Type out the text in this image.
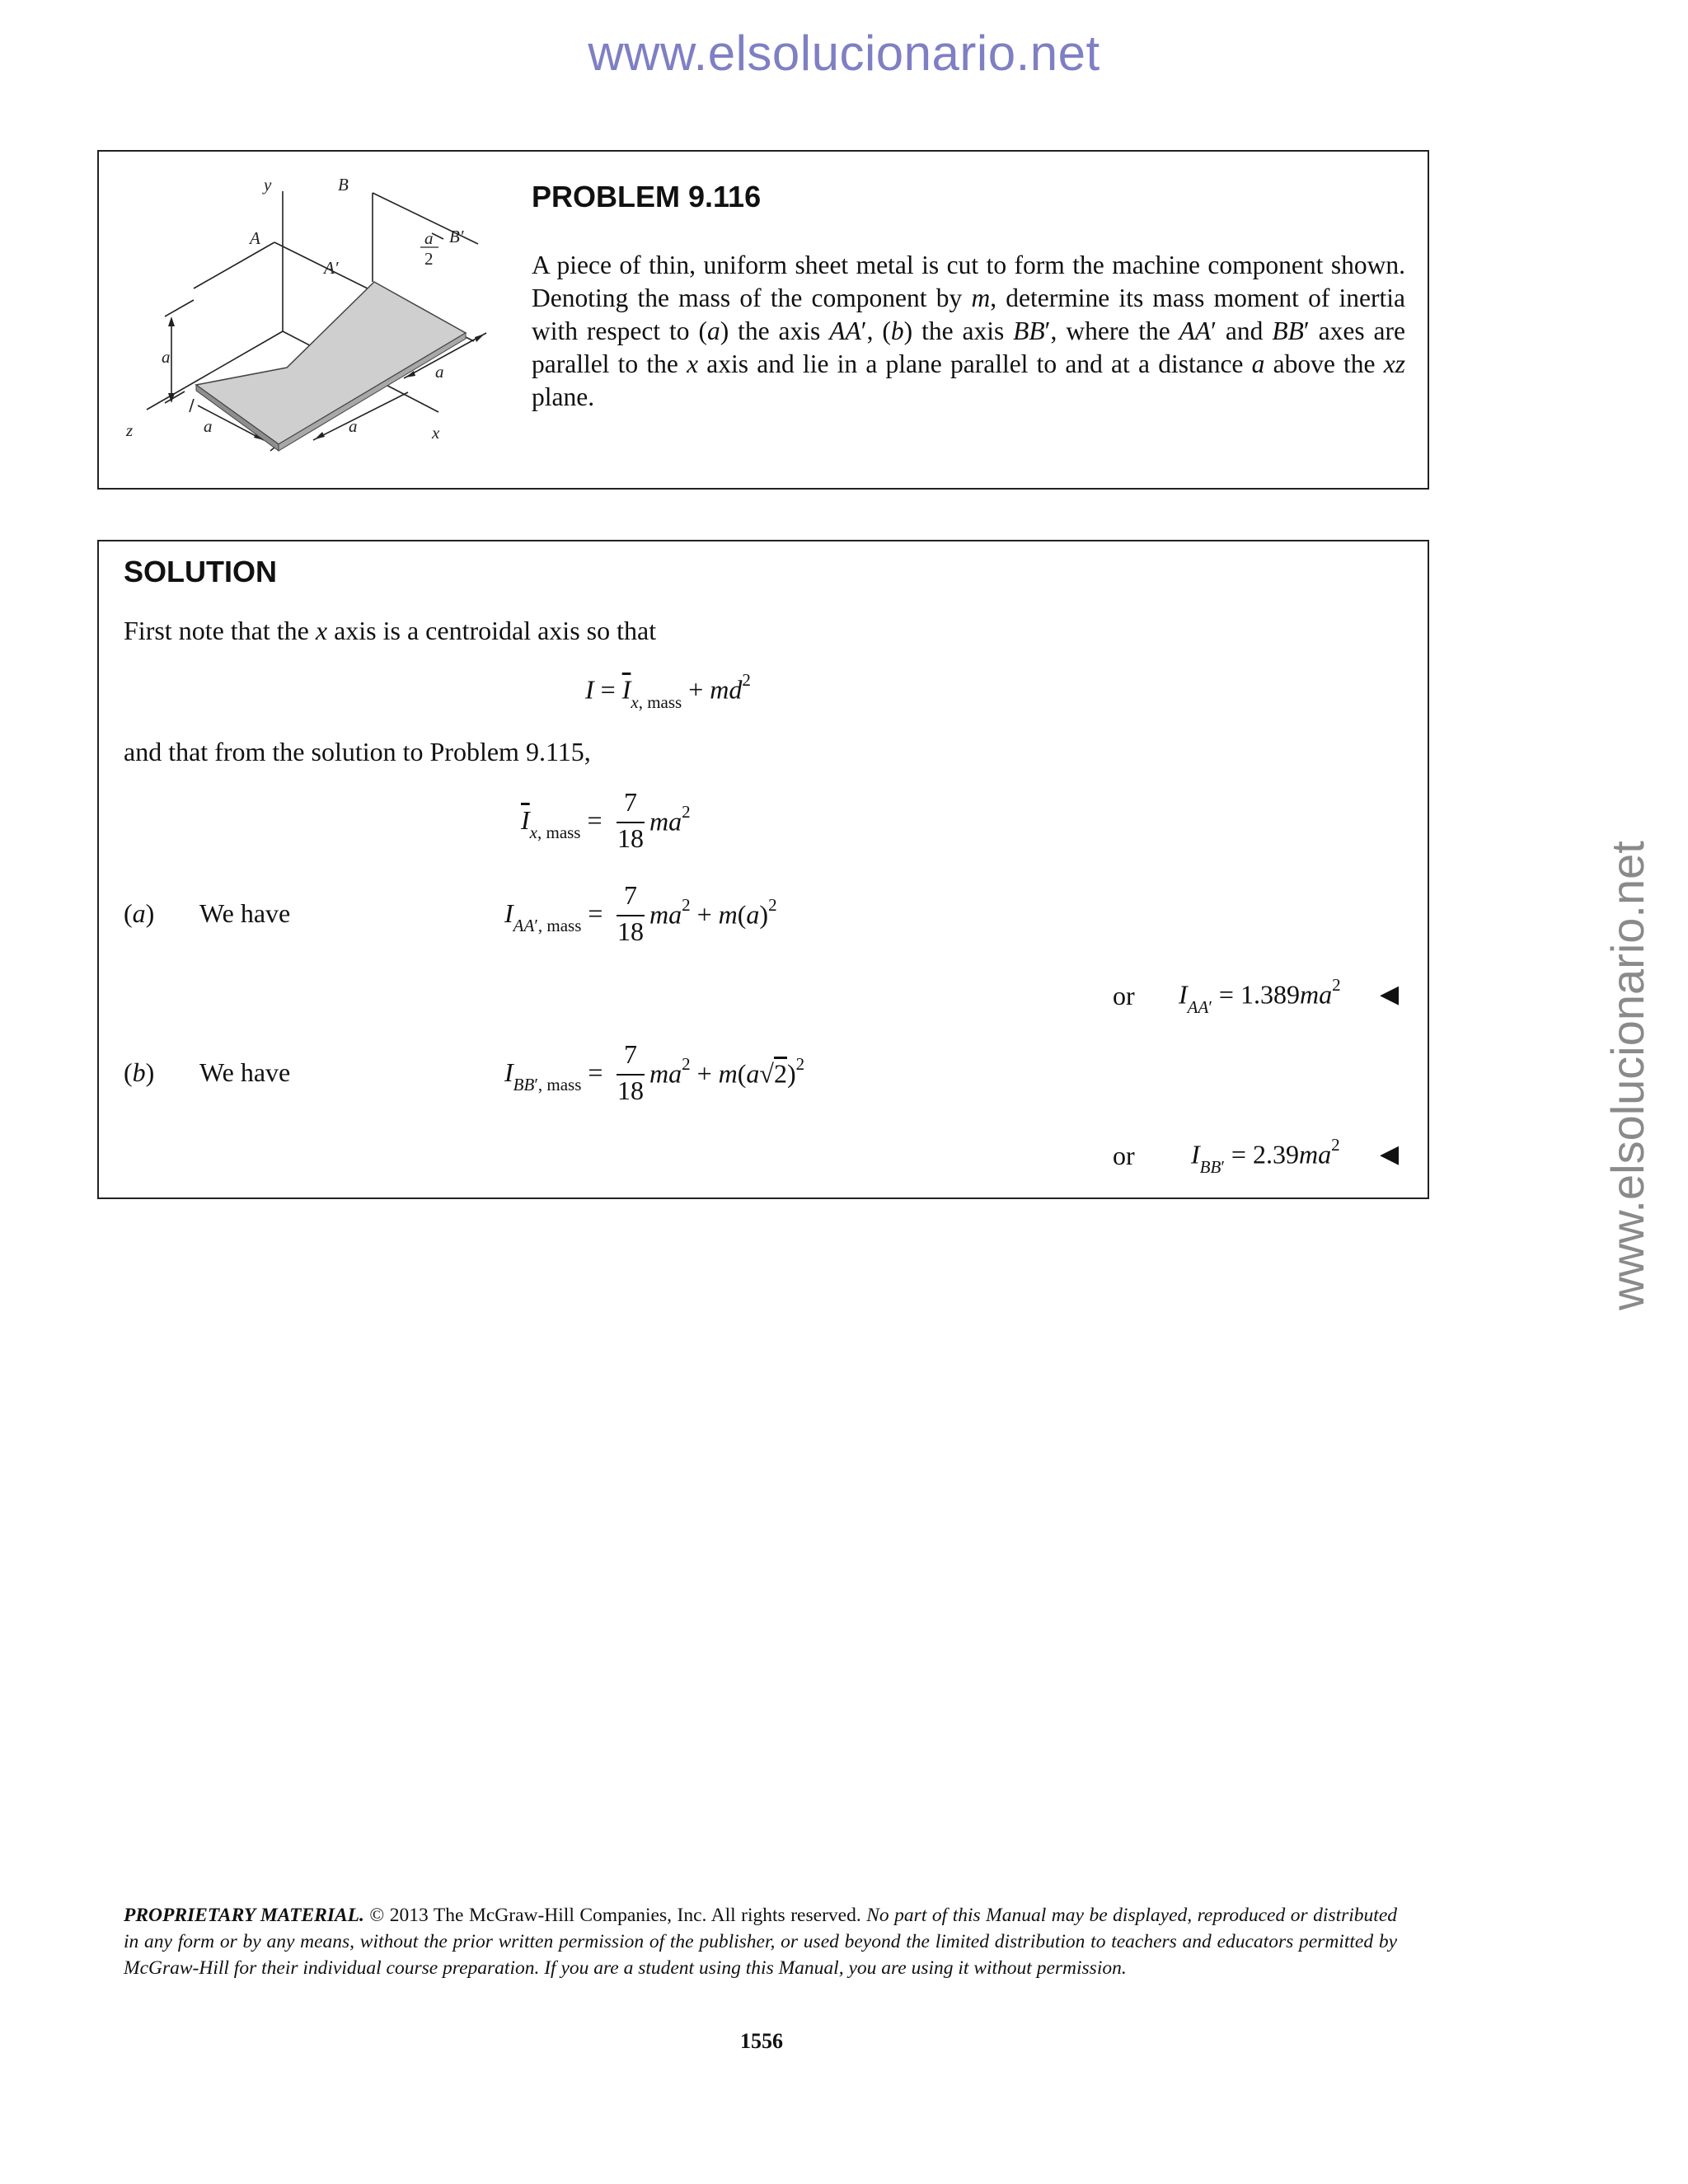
www.elsolucionario.net
www.elsolucionario.net
y	B
B′
A
A′
a
2
a
a
z	x
a	a
PROBLEM 9.116
A piece of thin, uniform sheet metal is cut to form the machine component shown. Denoting the mass of the component by m, determine its mass moment of inertia with respect to (a) the axis AA′, (b) the axis BB′, where the AA′ and BB′ axes are parallel to the x axis and lie in a plane parallel to and at a distance a above the xz plane.
SOLUTION
First note that the x axis is a centroidal axis so that
$I = \overline{I}_{x, mass} + md^2$
and that from the solution to Problem 9.115,
$\overline{I}_{x, mass}$ =
7
18
$ma^2$
(a) We have	$I_{AA', mass}$ =
7
18
$ma^2 + m(a)^2$
or $I_{AA'} = 1.389ma^2$ ◀
(b) We have	$I_{BB', mass}$ =
7
18
$ma^2 + m(a√2)^2$
or $I_{BB'} = 2.39ma^2$ ◀
PROPRIETARY MATERIAL. © 2013 The McGraw-Hill Companies, Inc. All rights reserved. No part of this Manual may be displayed, reproduced or distributed in any form or by any means, without the prior written permission of the publisher, or used beyond the limited distribution to teachers and educators permitted by McGraw-Hill for their individual course preparation. If you are a student using this Manual, you are using it without permission.
1556
